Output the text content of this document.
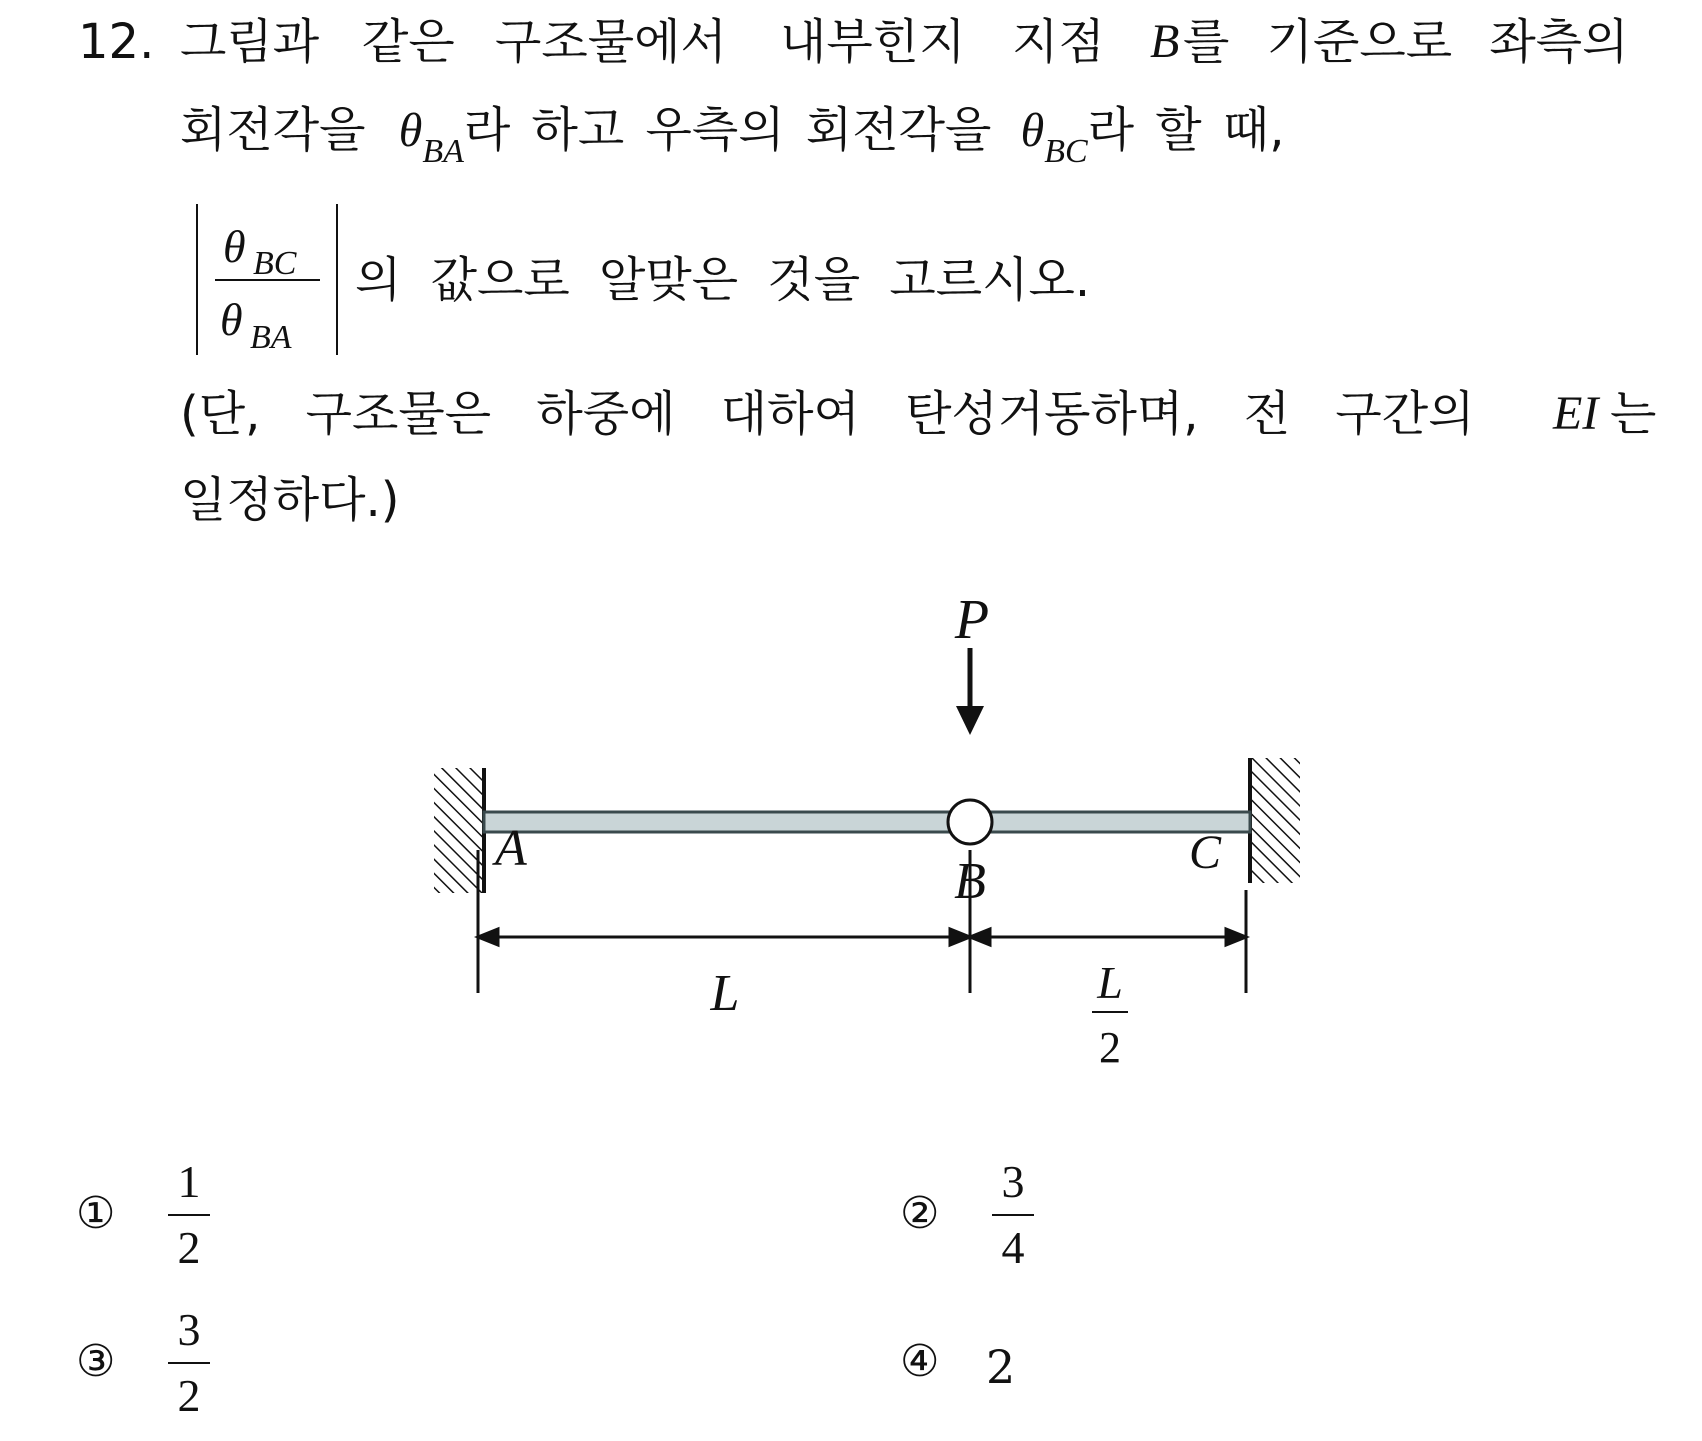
12. 그림과 같은 구조물에서 내부힌지 지점 B 를 기준으로 좌측의
회전각을 $\theta_{BA}$라 하고 우측의 회전각을 $\theta_{BC}$라 할 때,
θ BC
θ BA
의 값으로 알맞은 것을 고르시오.
(단, 구조물은 하중에 대하여 탄성거동하며, 전 구간의 EI 는
일정하다.)
P
A
B
C
L	L
2
①
1
2
②
3
4
③
3
2
④ 2
